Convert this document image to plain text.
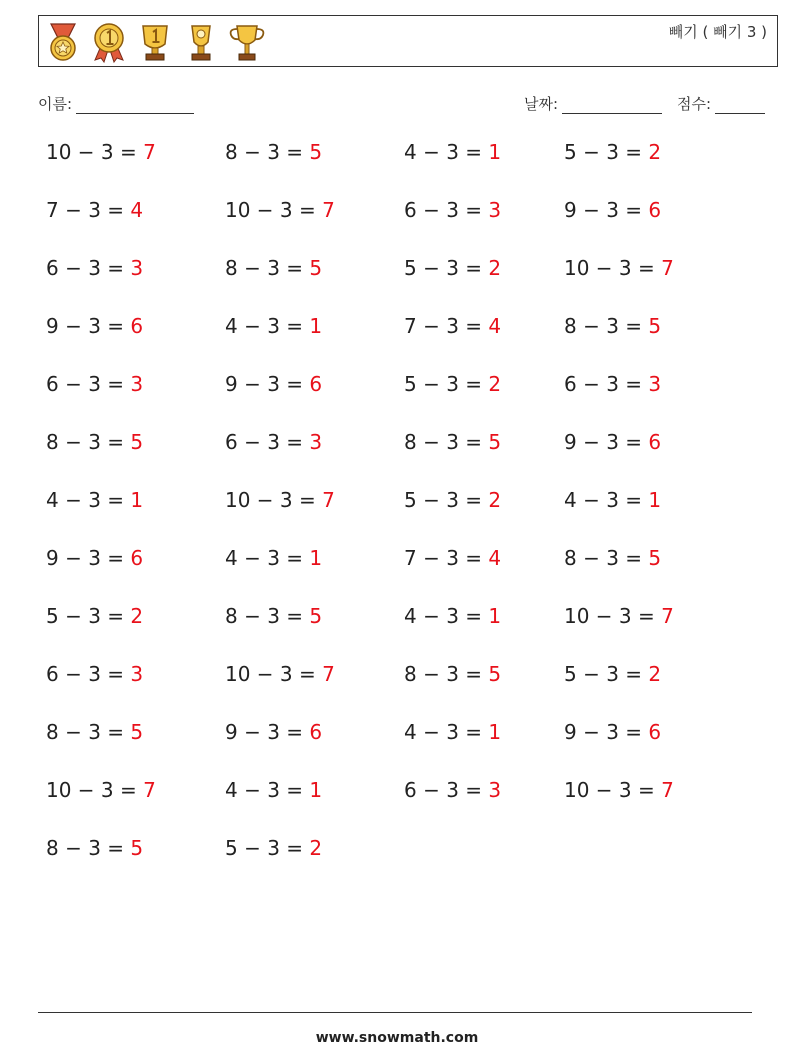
빼기 ( 빼기 3 )
이름:	날짜:	점수:
10 − 3 = 7	8 − 3 = 5	4 − 3 = 1	5 − 3 = 2
7 − 3 = 4	10 − 3 = 7	6 − 3 = 3	9 − 3 = 6
6 − 3 = 3	8 − 3 = 5	5 − 3 = 2	10 − 3 = 7
9 − 3 = 6	4 − 3 = 1	7 − 3 = 4	8 − 3 = 5
6 − 3 = 3	9 − 3 = 6	5 − 3 = 2	6 − 3 = 3
8 − 3 = 5	6 − 3 = 3	8 − 3 = 5	9 − 3 = 6
4 − 3 = 1	10 − 3 = 7	5 − 3 = 2	4 − 3 = 1
9 − 3 = 6	4 − 3 = 1	7 − 3 = 4	8 − 3 = 5
5 − 3 = 2	8 − 3 = 5	4 − 3 = 1	10 − 3 = 7
6 − 3 = 3	10 − 3 = 7	8 − 3 = 5	5 − 3 = 2
8 − 3 = 5	9 − 3 = 6	4 − 3 = 1	9 − 3 = 6
10 − 3 = 7	4 − 3 = 1	6 − 3 = 3	10 − 3 = 7
8 − 3 = 5	5 − 3 = 2
www.snowmath.com
